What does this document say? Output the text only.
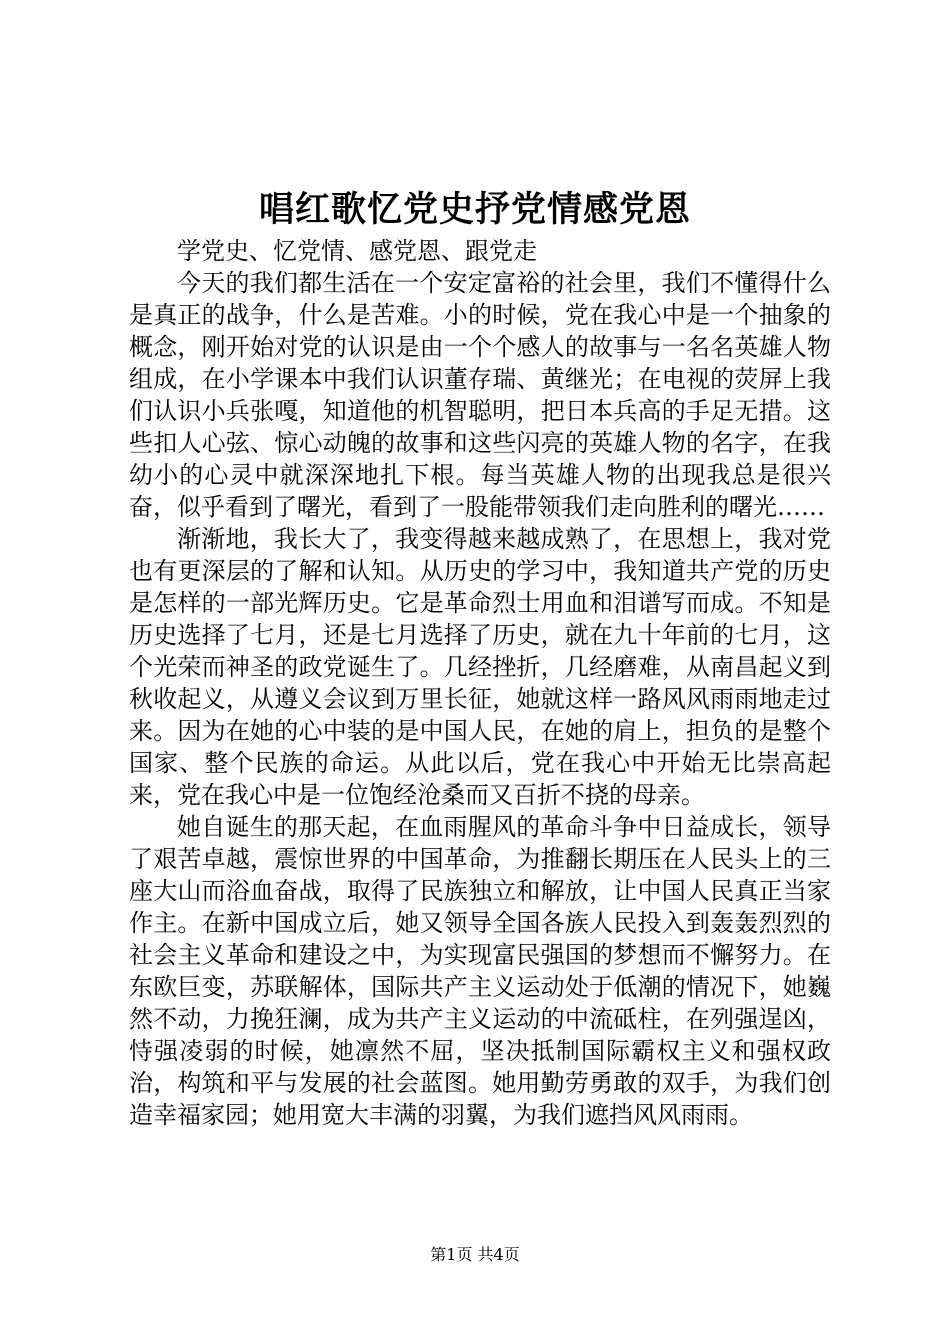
唱红歌忆党史抒党情感党恩

学党史、忆党情、感党恩、跟党走

今天的我们都生活在一个安定富裕的社会里，我们不懂得什么是真正的战争，什么是苦难。小的时候，党在我心中是一个抽象的概念，刚开始对党的认识是由一个个感人的故事与一名名英雄人物组成，在小学课本中我们认识董存瑞、黄继光；在电视的荧屏上我们认识小兵张嘎，知道他的机智聪明，把日本兵高的手足无措。这些扣人心弦、惊心动魄的故事和这些闪亮的英雄人物的名字，在我幼小的心灵中就深深地扎下根。每当英雄人物的出现我总是很兴奋，似乎看到了曙光，看到了一股能带领我们走向胜利的曙光……

渐渐地，我长大了，我变得越来越成熟了，在思想上，我对党也有更深层的了解和认知。从历史的学习中，我知道共产党的历史是怎样的一部光辉历史。它是革命烈士用血和泪谱写而成。不知是历史选择了七月，还是七月选择了历史，就在九十年前的七月，这个光荣而神圣的政党诞生了。几经挫折，几经磨难，从南昌起义到秋收起义，从遵义会议到万里长征，她就这样一路风风雨雨地走过来。因为在她的心中装的是中国人民，在她的肩上，担负的是整个国家、整个民族的命运。从此以后，党在我心中开始无比崇高起来，党在我心中是一位饱经沧桑而又百折不挠的母亲。

她自诞生的那天起，在血雨腥风的革命斗争中日益成长，领导了艰苦卓越，震惊世界的中国革命，为推翻长期压在人民头上的三座大山而浴血奋战，取得了民族独立和解放，让中国人民真正当家作主。在新中国成立后，她又领导全国各族人民投入到轰轰烈烈的社会主义革命和建设之中，为实现富民强国的梦想而不懈努力。在东欧巨变，苏联解体，国际共产主义运动处于低潮的情况下，她巍然不动，力挽狂澜，成为共产主义运动的中流砥柱，在列强逞凶，恃强凌弱的时候，她凛然不屈，坚决抵制国际霸权主义和强权政治，构筑和平与发展的社会蓝图。她用勤劳勇敢的双手，为我们创造幸福家园；她用宽大丰满的羽翼，为我们遮挡风风雨雨。

第1页 共4页
